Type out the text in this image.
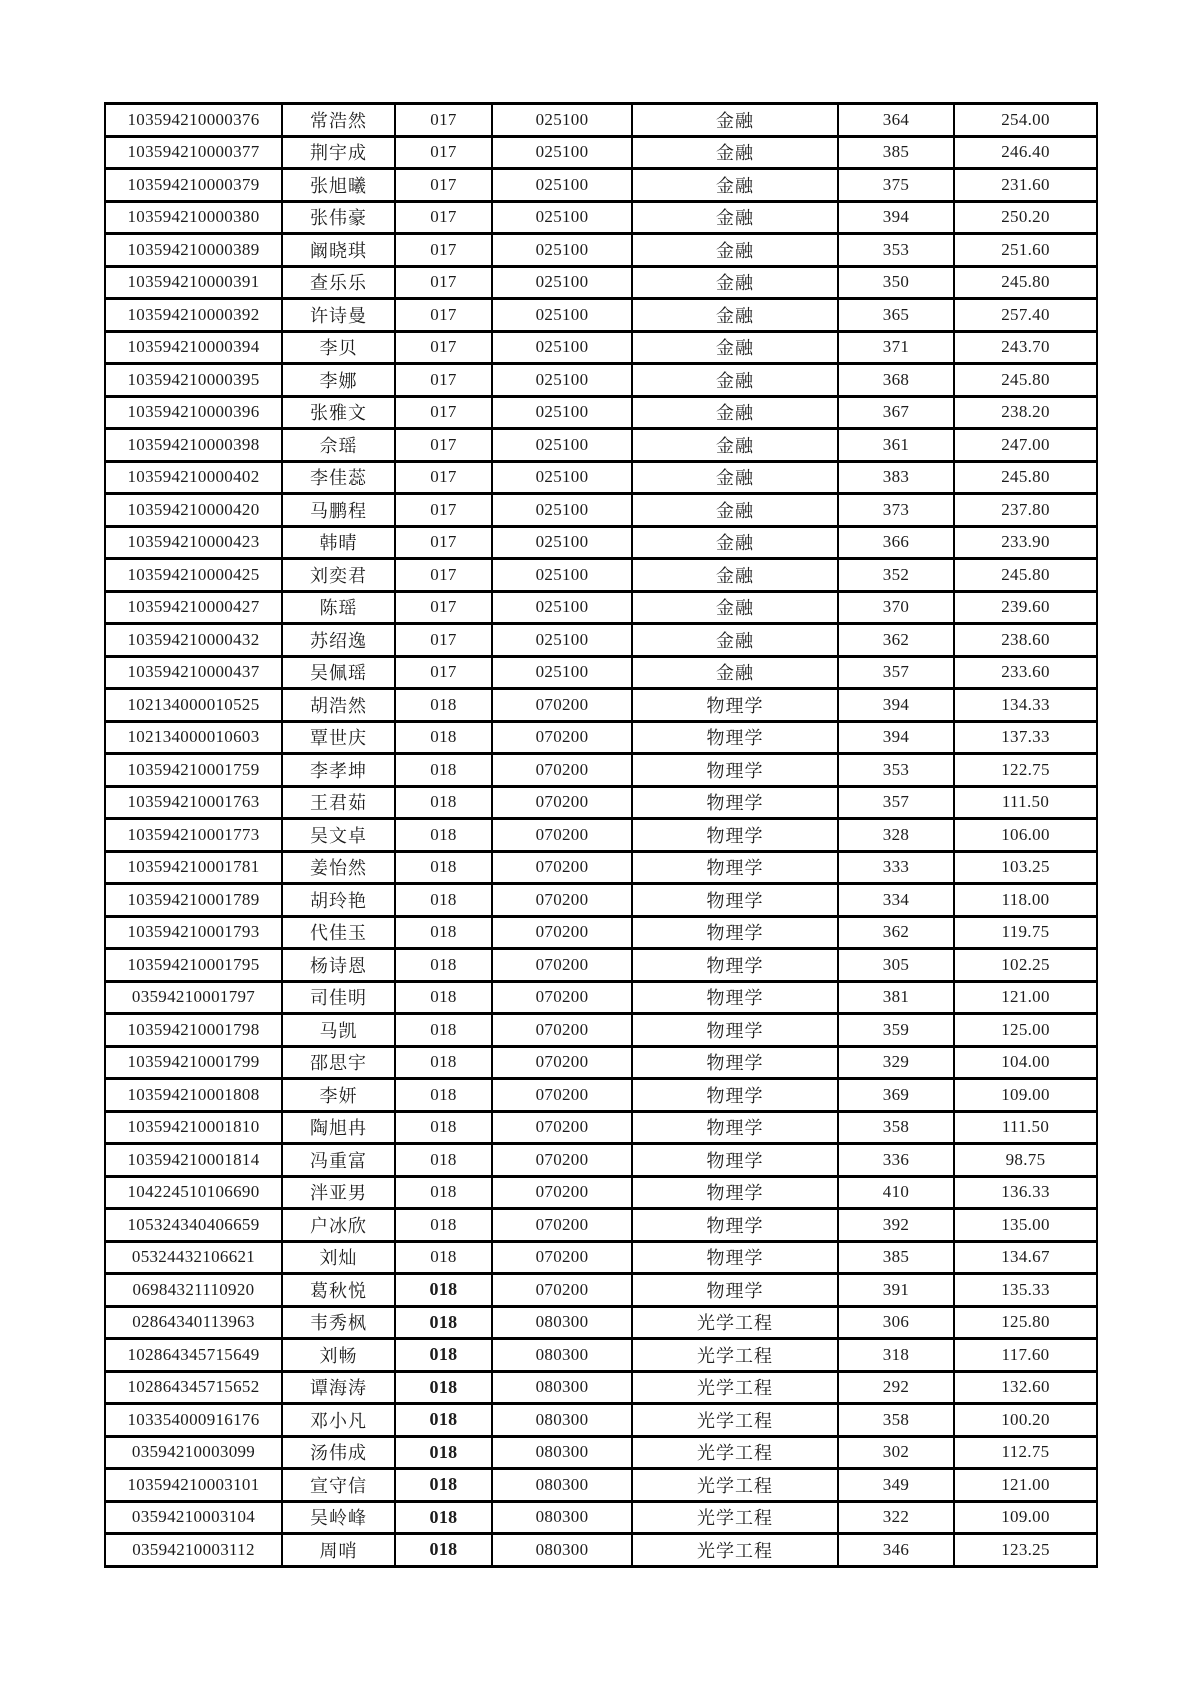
103594210000376	常浩然	017	025100	金融	364	254.00
103594210000377	荆宇成	017	025100	金融	385	246.40
103594210000379	张旭曦	017	025100	金融	375	231.60
103594210000380	张伟豪	017	025100	金融	394	250.20
103594210000389	阚晓琪	017	025100	金融	353	251.60
103594210000391	查乐乐	017	025100	金融	350	245.80
103594210000392	许诗曼	017	025100	金融	365	257.40
103594210000394	李贝	017	025100	金融	371	243.70
103594210000395	李娜	017	025100	金融	368	245.80
103594210000396	张雅文	017	025100	金融	367	238.20
103594210000398	佘瑶	017	025100	金融	361	247.00
103594210000402	李佳蕊	017	025100	金融	383	245.80
103594210000420	马鹏程	017	025100	金融	373	237.80
103594210000423	韩晴	017	025100	金融	366	233.90
103594210000425	刘奕君	017	025100	金融	352	245.80
103594210000427	陈瑶	017	025100	金融	370	239.60
103594210000432	苏绍逸	017	025100	金融	362	238.60
103594210000437	吴佩瑶	017	025100	金融	357	233.60
102134000010525	胡浩然	018	070200	物理学	394	134.33
102134000010603	覃世庆	018	070200	物理学	394	137.33
103594210001759	李孝坤	018	070200	物理学	353	122.75
103594210001763	王君茹	018	070200	物理学	357	111.50
103594210001773	吴文卓	018	070200	物理学	328	106.00
103594210001781	姜怡然	018	070200	物理学	333	103.25
103594210001789	胡玲艳	018	070200	物理学	334	118.00
103594210001793	代佳玉	018	070200	物理学	362	119.75
103594210001795	杨诗恩	018	070200	物理学	305	102.25
03594210001797	司佳明	018	070200	物理学	381	121.00
103594210001798	马凯	018	070200	物理学	359	125.00
103594210001799	邵思宇	018	070200	物理学	329	104.00
103594210001808	李妍	018	070200	物理学	369	109.00
103594210001810	陶旭冉	018	070200	物理学	358	111.50
103594210001814	冯重富	018	070200	物理学	336	98.75
104224510106690	泮亚男	018	070200	物理学	410	136.33
105324340406659	户冰欣	018	070200	物理学	392	135.00
05324432106621	刘灿	018	070200	物理学	385	134.67
06984321110920	葛秋悦	018	070200	物理学	391	135.33
02864340113963	韦秀枫	018	080300	光学工程	306	125.80
102864345715649	刘畅	018	080300	光学工程	318	117.60
102864345715652	谭海涛	018	080300	光学工程	292	132.60
103354000916176	邓小凡	018	080300	光学工程	358	100.20
03594210003099	汤伟成	018	080300	光学工程	302	112.75
103594210003101	宣守信	018	080300	光学工程	349	121.00
03594210003104	吴岭峰	018	080300	光学工程	322	109.00
03594210003112	周哨	018	080300	光学工程	346	123.25
